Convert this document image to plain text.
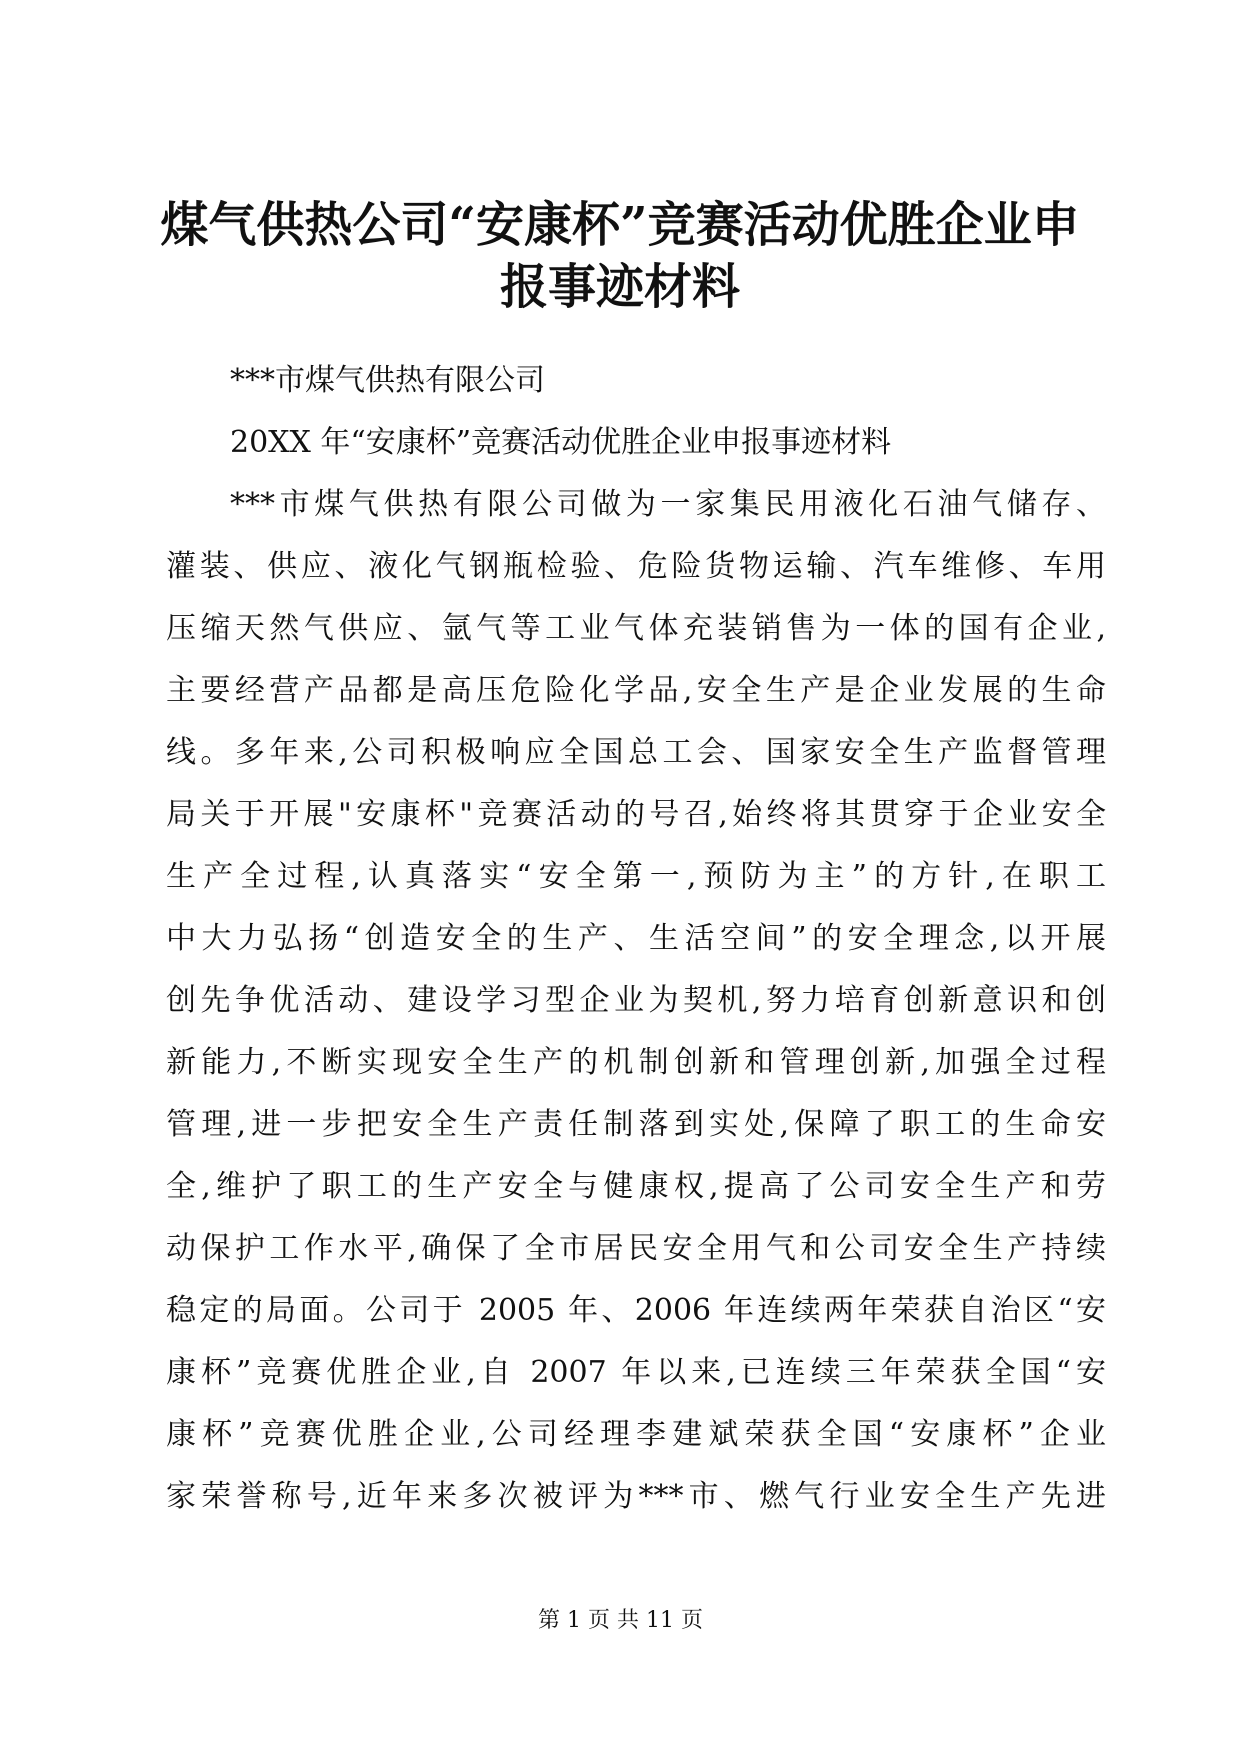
煤气供热公司“安康杯”竞赛活动优胜企业申
报事迹材料
***市煤气供热有限公司
20XX 年“安康杯”竞赛活动优胜企业申报事迹材料
***市煤气供热有限公司做为一家集民用液化石油气储存、
灌装、供应、液化气钢瓶检验、危险货物运输、汽车维修、车用
压缩天然气供应、氩气等工业气体充装销售为一体的国有企业,
主要经营产品都是高压危险化学品,安全生产是企业发展的生命
线。多年来,公司积极响应全国总工会、国家安全生产监督管理
局关于开展"安康杯"竞赛活动的号召,始终将其贯穿于企业安全
生产全过程,认真落实“安全第一,预防为主”的方针,在职工
中大力弘扬“创造安全的生产、生活空间”的安全理念,以开展
创先争优活动、建设学习型企业为契机,努力培育创新意识和创
新能力,不断实现安全生产的机制创新和管理创新,加强全过程
管理,进一步把安全生产责任制落到实处,保障了职工的生命安
全,维护了职工的生产安全与健康权,提高了公司安全生产和劳
动保护工作水平,确保了全市居民安全用气和公司安全生产持续
稳定的局面。公司于 2005 年、2006 年连续两年荣获自治区“安
康杯”竞赛优胜企业,自 2007 年以来,已连续三年荣获全国“安
康杯”竞赛优胜企业,公司经理李建斌荣获全国“安康杯”企业
家荣誉称号,近年来多次被评为***市、燃气行业安全生产先进
第 1 页 共 11 页
